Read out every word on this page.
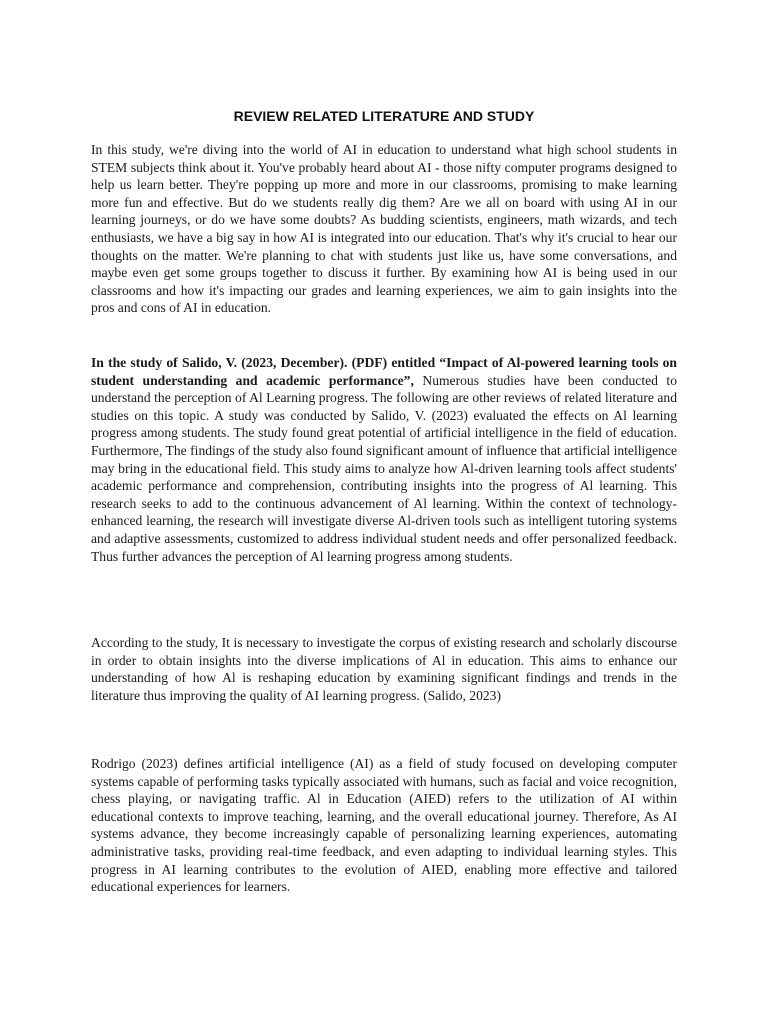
REVIEW RELATED LITERATURE AND STUDY

In this study, we're diving into the world of AI in education to understand what high school students in STEM subjects think about it. You've probably heard about AI - those nifty computer programs designed to help us learn better. They're popping up more and more in our classrooms, promising to make learning more fun and effective. But do we students really dig them? Are we all on board with using AI in our learning journeys, or do we have some doubts? As budding scientists, engineers, math wizards, and tech enthusiasts, we have a big say in how AI is integrated into our education. That's why it's crucial to hear our thoughts on the matter. We're planning to chat with students just like us, have some conversations, and maybe even get some groups together to discuss it further. By examining how AI is being used in our classrooms and how it's impacting our grades and learning experiences, we aim to gain insights into the pros and cons of AI in education.

In the study of Salido, V. (2023, December). (PDF) entitled “Impact of Al-powered learning tools on student understanding and academic performance”, Numerous studies have been conducted to understand the perception of Al Learning progress. The following are other reviews of related literature and studies on this topic. A study was conducted by Salido, V. (2023) evaluated the effects on Al learning progress among students. The study found great potential of artificial intelligence in the field of education. Furthermore, The findings of the study also found significant amount of influence that artificial intelligence may bring in the educational field. This study aims to analyze how Al-driven learning tools affect students' academic performance and comprehension, contributing insights into the progress of Al learning. This research seeks to add to the continuous advancement of Al learning. Within the context of technology-enhanced learning, the research will investigate diverse Al-driven tools such as intelligent tutoring systems and adaptive assessments, customized to address individual student needs and offer personalized feedback. Thus further advances the perception of Al learning progress among students.

According to the study, It is necessary to investigate the corpus of existing research and scholarly discourse in order to obtain insights into the diverse implications of Al in education. This aims to enhance our understanding of how Al is reshaping education by examining significant findings and trends in the literature thus improving the quality of AI learning progress. (Salido, 2023)

Rodrigo (2023) defines artificial intelligence (AI) as a field of study focused on developing computer systems capable of performing tasks typically associated with humans, such as facial and voice recognition, chess playing, or navigating traffic. Al in Education (AIED) refers to the utilization of AI within educational contexts to improve teaching, learning, and the overall educational journey. Therefore, As AI systems advance, they become increasingly capable of personalizing learning experiences, automating administrative tasks, providing real-time feedback, and even adapting to individual learning styles. This progress in AI learning contributes to the evolution of AIED, enabling more effective and tailored educational experiences for learners.
